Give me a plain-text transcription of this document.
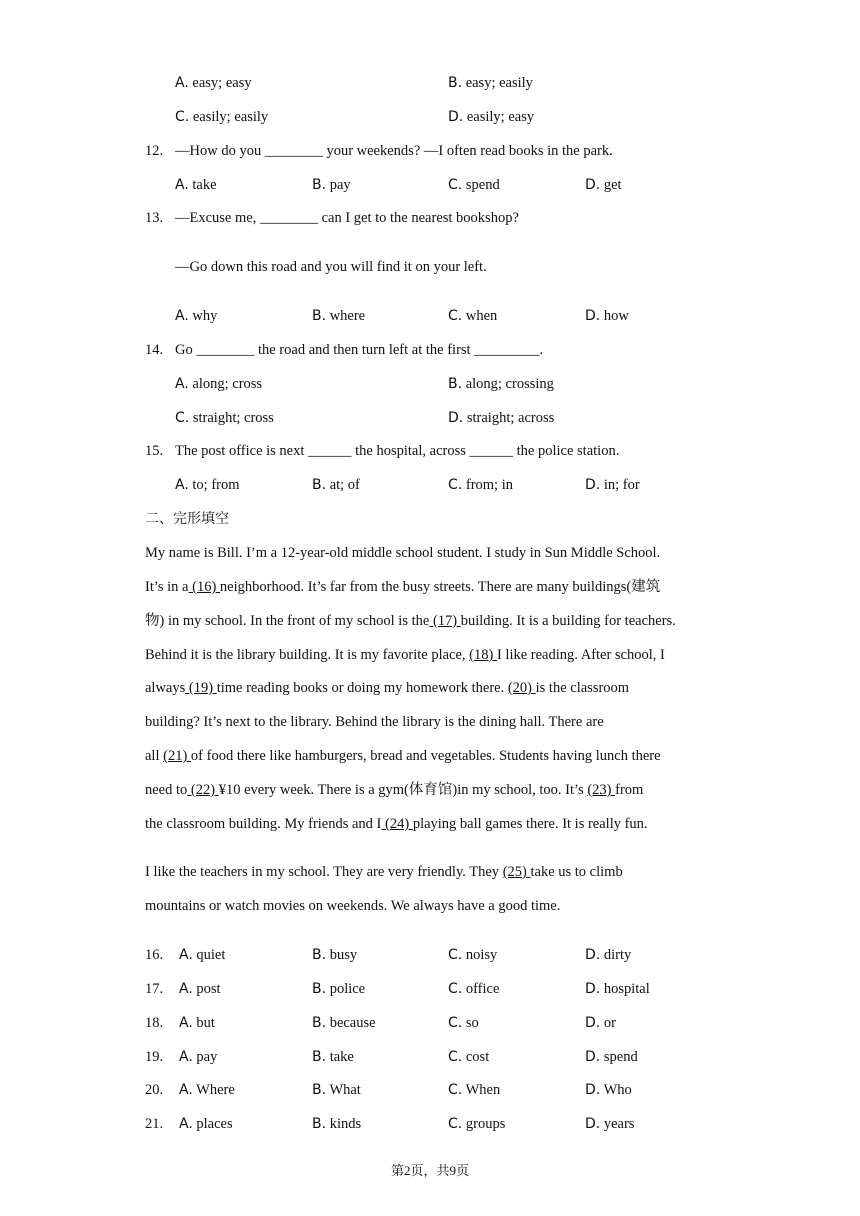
A. easy; easy	B. easy; easily
C. easily; easily	D. easily; easy
12. —How do you ________ your weekends? —I often read books in the park.
A. take	B. pay	C. spend	D. get
13. —Excuse me, ________ can I get to the nearest bookshop?
—Go down this road and you will find it on your left.
A. why	B. where	C. when	D. how
14. Go ________ the road and then turn left at the first _________.
A. along; cross	B. along; crossing
C. straight; cross	D. straight; across
15. The post office is next ______ the hospital, across ______ the police station.
A. to; from	B. at; of	C. from; in	D. in; for
二、完形填空
My name is Bill. I’m a 12-year-old middle school student. I study in Sun Middle School.
It’s in a (16) neighborhood. It’s far from the busy streets. There are many buildings(建筑
物) in my school. In the front of my school is the (17) building. It is a building for teachers.
Behind it is the library building. It is my favorite place, (18) I like reading. After school, I
always (19) time reading books or doing my homework there. (20) is the classroom
building? It’s next to the library. Behind the library is the dining hall. There are
all (21) of food there like hamburgers, bread and vegetables. Students having lunch there
need to (22) ¥10 every week. There is a gym(体育馆)in my school, too. It’s (23) from
the classroom building. My friends and I (24) playing ball games there. It is really fun.
I like the teachers in my school. They are very friendly. They (25) take us to climb
mountains or watch movies on weekends. We always have a good time.
16. A. quiet	B. busy	C. noisy	D. dirty
17. A. post	B. police	C. office	D. hospital
18. A. but	B. because	C. so	D. or
19. A. pay	B. take	C. cost	D. spend
20. A. Where	B. What	C. When	D. Who
21. A. places	B. kinds	C. groups	D. years
第2页，共9页
